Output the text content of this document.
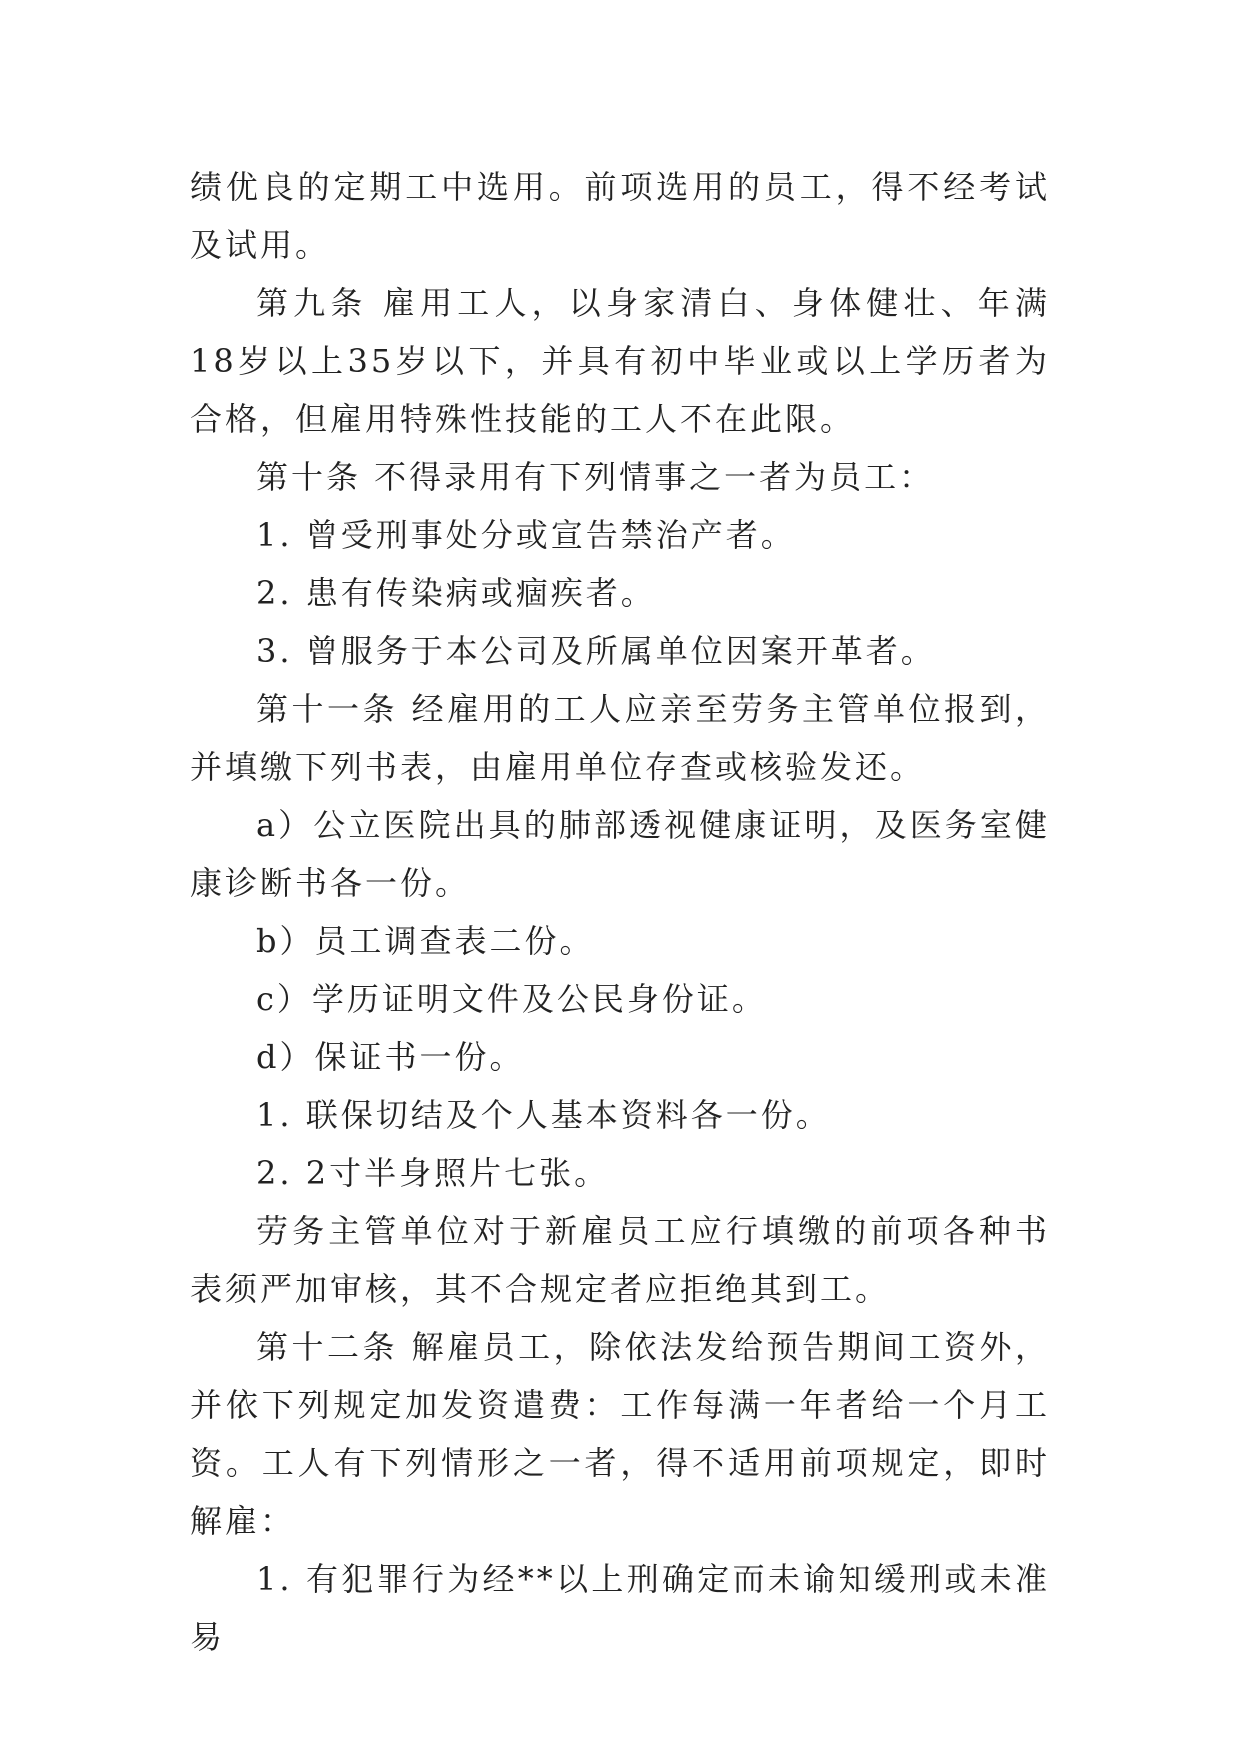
绩优良的定期工中选用。前项选用的员工，得不经考试及试用。

第九条 雇用工人，以身家清白、身体健壮、年满18岁以上35岁以下，并具有初中毕业或以上学历者为合格，但雇用特殊性技能的工人不在此限。

第十条 不得录用有下列情事之一者为员工：

1. 曾受刑事处分或宣告禁治产者。

2. 患有传染病或痼疾者。

3. 曾服务于本公司及所属单位因案开革者。

第十一条 经雇用的工人应亲至劳务主管单位报到，并填缴下列书表，由雇用单位存查或核验发还。

a）公立医院出具的肺部透视健康证明，及医务室健康诊断书各一份。

b）员工调查表二份。

c）学历证明文件及公民身份证。

d）保证书一份。

1. 联保切结及个人基本资料各一份。

2. 2寸半身照片七张。

劳务主管单位对于新雇员工应行填缴的前项各种书表须严加审核，其不合规定者应拒绝其到工。

第十二条 解雇员工，除依法发给预告期间工资外，并依下列规定加发资遣费：工作每满一年者给一个月工资。工人有下列情形之一者，得不适用前项规定，即时解雇：

1. 有犯罪行为经**以上刑确定而未谕知缓刑或未准易
